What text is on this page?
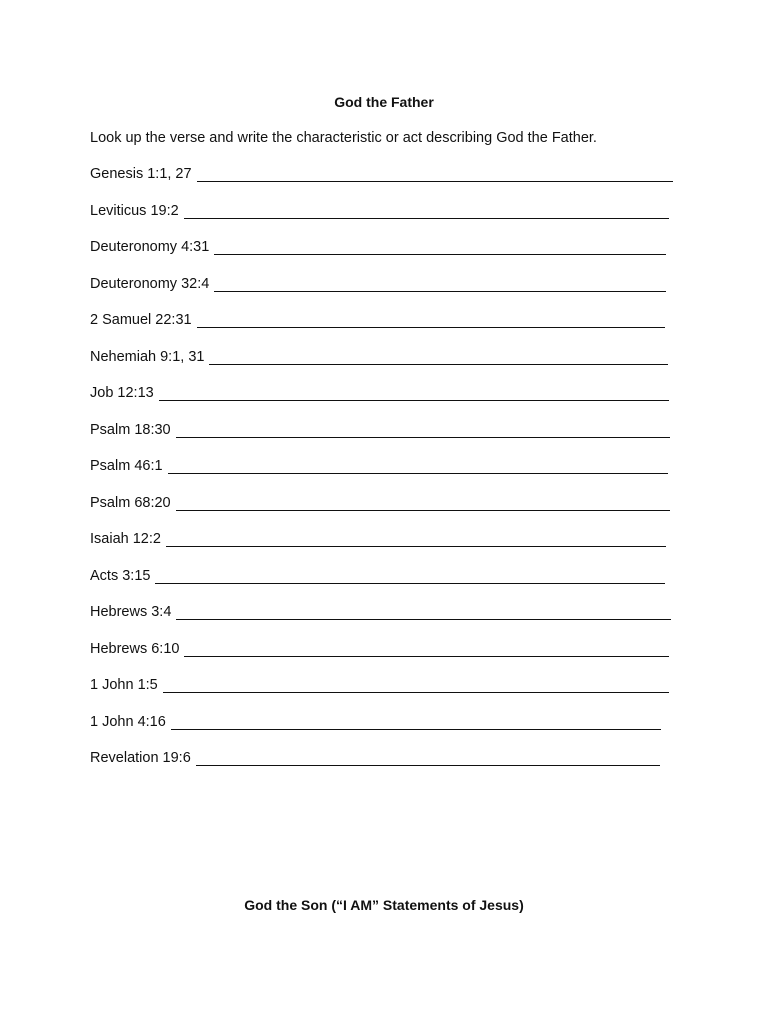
God the Father
Look up the verse and write the characteristic or act describing God the Father.
Genesis 1:1, 27
Leviticus 19:2
Deuteronomy 4:31
Deuteronomy 32:4
2 Samuel 22:31
Nehemiah 9:1, 31
Job 12:13
Psalm 18:30
Psalm 46:1
Psalm 68:20
Isaiah 12:2
Acts 3:15
Hebrews 3:4
Hebrews 6:10
1 John 1:5
1 John 4:16
Revelation 19:6
God the Son (“I AM” Statements of Jesus)
